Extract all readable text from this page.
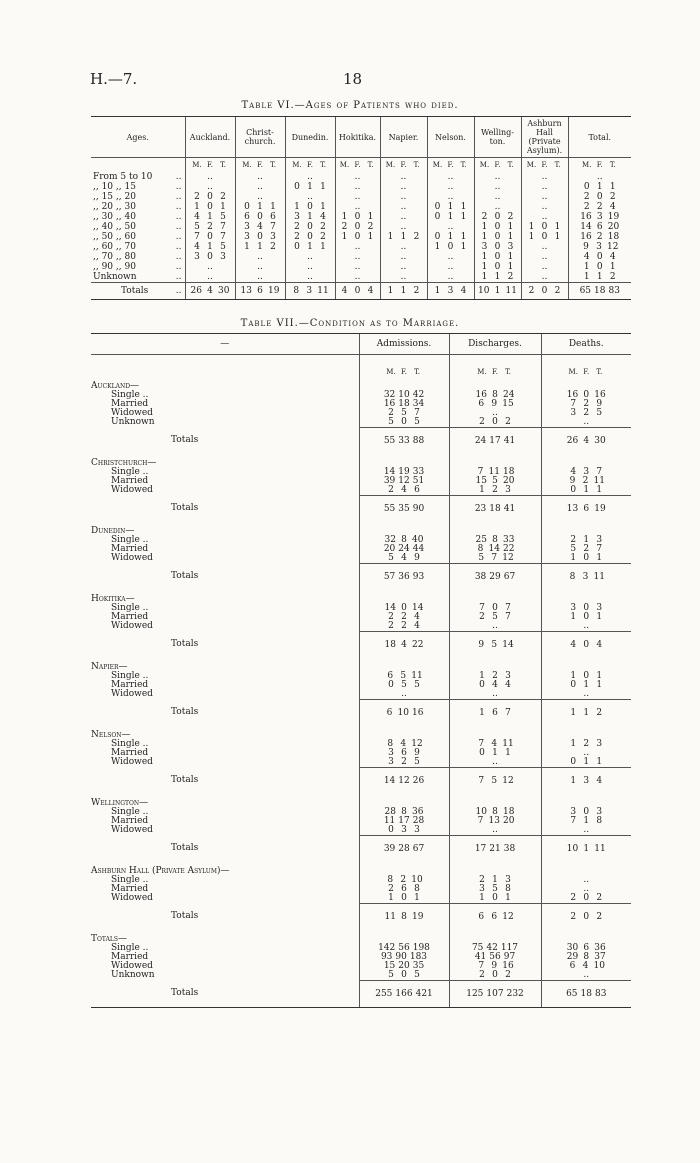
H.—7.	18
Table VI.—Ages of Patients who died.
Ages.	Auckland.	Christ-church.	Dunedin.	Hokitika.	Napier.	Nelson.	Welling-ton.	Ashburn Hall (Private Asylum).	Total.

	M. F. T.	M. F. T.	M. F. T.	M. F. T.	M. F. T.	M. F. T.	M. F. T.	M. F. T.	M. F. T.

From 5 to 10 ..	..	..	..	..	..	..	..	..	..

,, 10 ,, 15 ..	..	..	0 1 1	..	..	..	..	..	0 1 1

,, 15 ,, 20 ..	2 0 2	..	..	..	..	..	..	..	2 0 2

,, 20 ,, 30 ..	1 0 1	0 1 1	1 0 1	..	..	0 1 1	..	..	2 2 4

,, 30 ,, 40 ..	4 1 5	6 0 6	3 1 4	1 0 1	..	0 1 1	2 0 2	..	16 3 19

,, 40 ,, 50 ..	5 2 7	3 4 7	2 0 2	2 0 2	..	..	1 0 1	1 0 1	14 6 20

,, 50 ,, 60 ..	7 0 7	3 0 3	2 0 2	1 0 1	1 1 2	0 1 1	1 0 1	1 0 1	16 2 18

,, 60 ,, 70 ..	4 1 5	1 1 2	0 1 1	..	..	1 0 1	3 0 3	..	9 3 12

,, 70 ,, 80 ..	3 0 3	..	..	..	..	..	1 0 1	..	4 0 4

,, 90 ,, 90 ..	..	..	..	..	..	..	1 0 1	..	1 0 1

Unknown ..	..	..	..	..	..	..	1 1 2	..	1 1 2

Totals ..	26 4 30	13 6 19	8 3 11	4 0 4	1 1 2	1 3 4	10 1 11	2 0 2	65 18 83
Table VII.—Condition as to Marriage.
—	Admissions.	Discharges.	Deaths.

	M. F. T.	M. F. T.	M. F. T.

Auckland—			
Single ..	32 10 42	16 8 24	16 0 16

Married	16 18 34	6 9 15	7 2 9

Widowed	2 5 7	..	3 2 5

Unknown	5 0 5	2 0 2	..

Totals	55 33 88	24 17 41	26 4 30

Christchurch—			
Single ..	14 19 33	7 11 18	4 3 7

Married	39 12 51	15 5 20	9 2 11

Widowed	2 4 6	1 2 3	0 1 1

Totals	55 35 90	23 18 41	13 6 19

Dunedin—			
Single ..	32 8 40	25 8 33	2 1 3

Married	20 24 44	8 14 22	5 2 7

Widowed	5 4 9	5 7 12	1 0 1

Totals	57 36 93	38 29 67	8 3 11

Hokitika—			
Single ..	14 0 14	7 0 7	3 0 3

Married	2 2 4	2 5 7	1 0 1

Widowed	2 2 4	..	..

Totals	18 4 22	9 5 14	4 0 4

Napier—			
Single ..	6 5 11	1 2 3	1 0 1

Married	0 5 5	0 4 4	0 1 1

Widowed	..	..	..

Totals	6 10 16	1 6 7	1 1 2

Nelson—			
Single ..	8 4 12	7 4 11	1 2 3

Married	3 6 9	0 1 1	..

Widowed	3 2 5	..	0 1 1

Totals	14 12 26	7 5 12	1 3 4

Wellington—			
Single ..	28 8 36	10 8 18	3 0 3

Married	11 17 28	7 13 20	7 1 8

Widowed	0 3 3	..	..

Totals	39 28 67	17 21 38	10 1 11

Ashburn Hall (Private Asylum)—			
Single ..	8 2 10	2 1 3	..

Married	2 6 8	3 5 8	..

Widowed	1 0 1	1 0 1	2 0 2

Totals	11 8 19	6 6 12	2 0 2

Totals—			
Single ..	142 56 198	75 42 117	30 6 36

Married	93 90 183	41 56 97	29 8 37

Widowed	15 20 35	7 9 16	6 4 10

Unknown	5 0 5	2 0 2	..

Totals	255 166 421	125 107 232	65 18 83
